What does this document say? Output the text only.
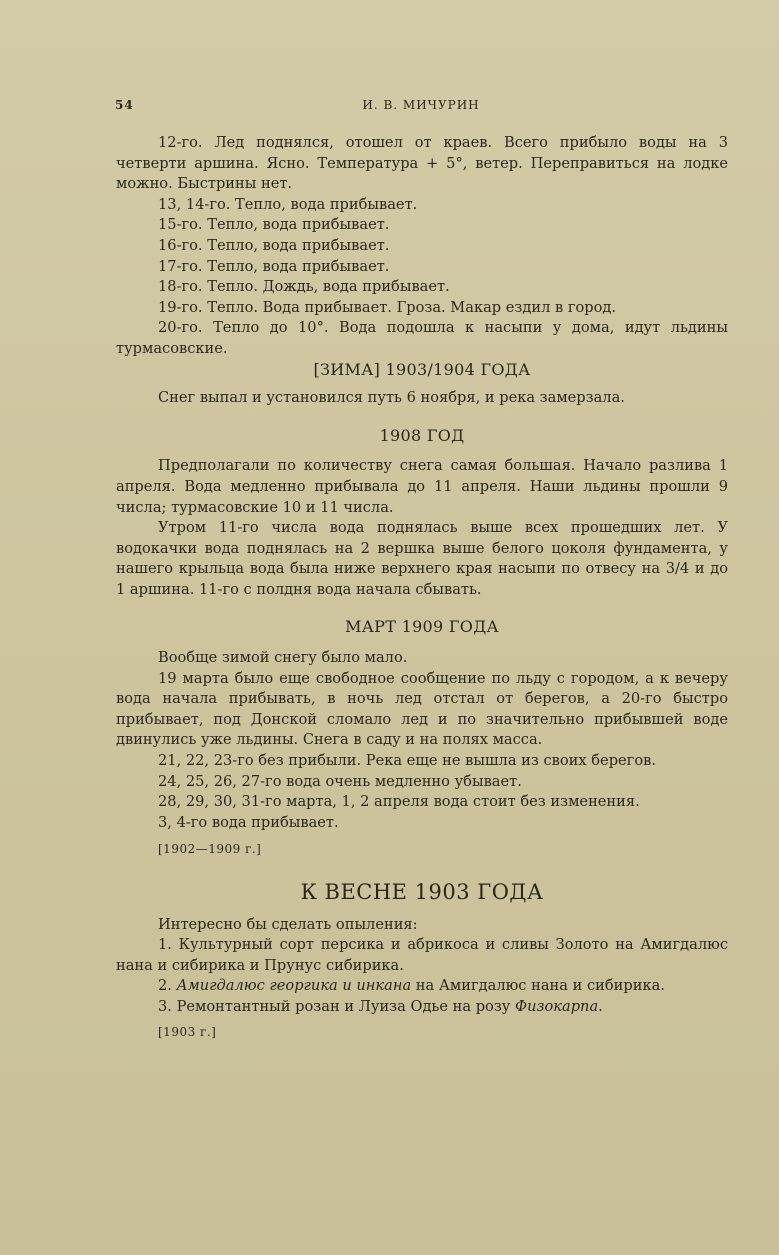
54	И. В. МИЧУРИН

12-го. Лед поднялся, отошел от краев. Всего прибыло воды на 3 четверти аршина. Ясно. Температура + 5°, ветер. Переправиться на лодке можно. Быстрины нет.

13, 14-го. Тепло, вода прибывает.

15-го. Тепло, вода прибывает.

16-го. Тепло, вода прибывает.

17-го. Тепло, вода прибывает.

18-го. Тепло. Дождь, вода прибывает.

19-го. Тепло. Вода прибывает. Гроза. Макар ездил в город.

20-го. Тепло до 10°. Вода подошла к насыпи у дома, идут льдины турмасовские.

[ЗИМА] 1903/1904 ГОДА

Снег выпал и установился путь 6 ноября, и река замерзала.

1908 ГОД

Предполагали по количеству снега самая большая. Начало разлива 1 апреля. Вода медленно прибывала до 11 апреля. Наши льдины прошли 9 числа; турмасовские 10 и 11 числа.

Утром 11-го числа вода поднялась выше всех прошедших лет. У водокачки вода поднялась на 2 вершка выше белого цоколя фундамента, у нашего крыльца вода была ниже верхнего края насыпи по отвесу на 3/4 и до 1 аршина. 11-го с полдня вода начала сбывать.

МАРТ 1909 ГОДА

Вообще зимой снегу было мало.

19 марта было еще свободное сообщение по льду с городом, а к вечеру вода начала прибывать, в ночь лед отстал от берегов, а 20-го быстро прибывает, под Донской сломало лед и по значительно прибывшей воде двинулись уже льдины. Снега в саду и на полях масса.

21, 22, 23-го без прибыли. Река еще не вышла из своих берегов.

24, 25, 26, 27-го вода очень медленно убывает.

28, 29, 30, 31-го марта, 1, 2 апреля вода стоит без изменения.

3, 4-го вода прибывает.

[1902—1909 г.]

К ВЕСНЕ 1903 ГОДА

Интересно бы сделать опыления:

1. Культурный сорт персика и абрикоса и сливы Золото на Амигдалюс нана и сибирика и Прунус сибирика.

2. Амигдалюс георгика и инкана на Амигдалюс нана и сибирика.

3. Ремонтантный розан и Луиза Одье на розу Физокарпа.

[1903 г.]
